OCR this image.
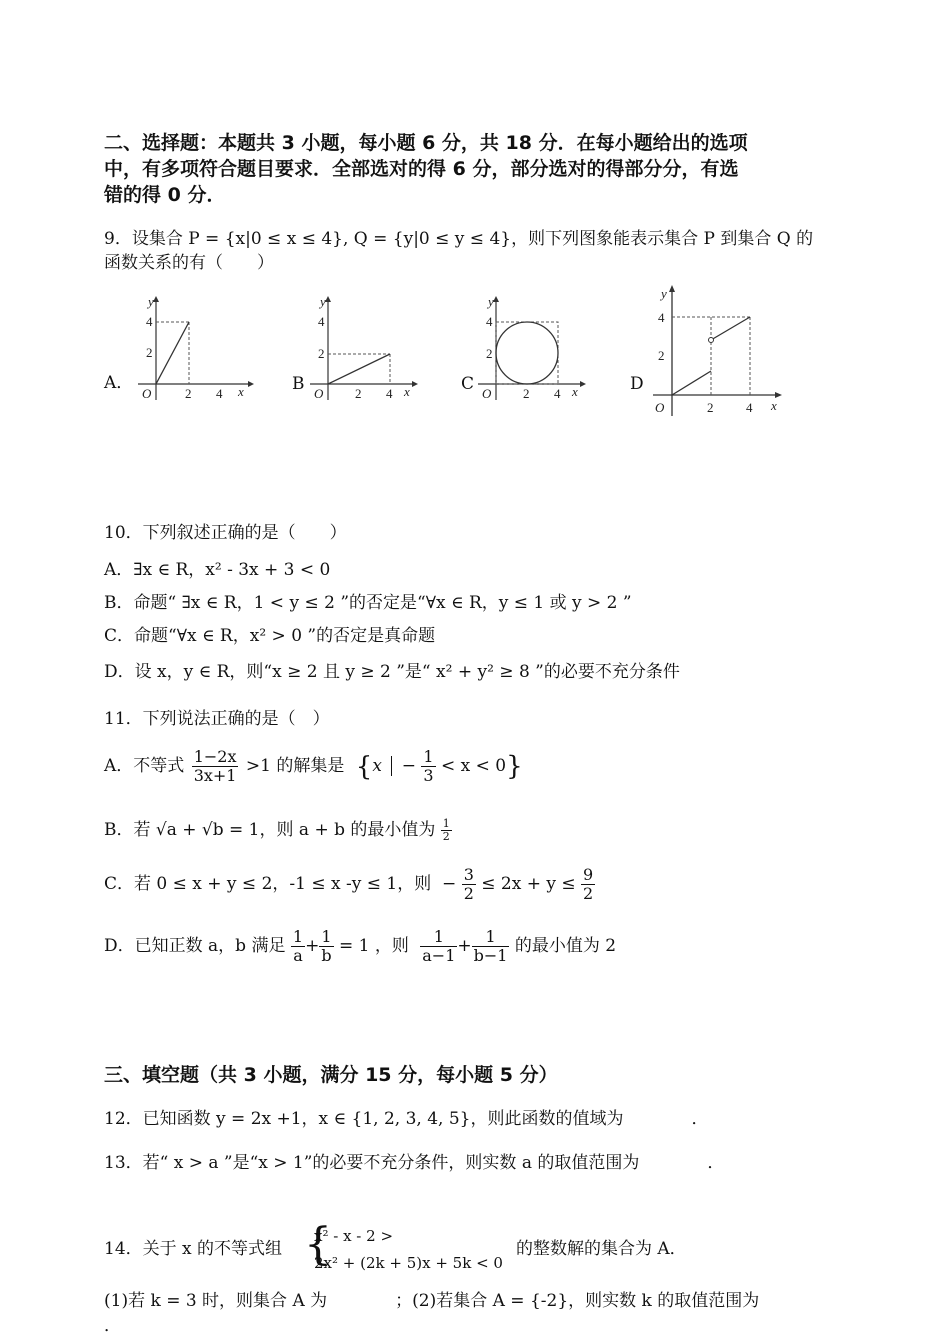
二、选择题：本题共 3 小题，每小题 6 分，共 18 分．在每小题给出的选项
中，有多项符合题目要求．全部选对的得 6 分，部分选对的得部分分，有选
错的得 0 分．
9．设集合 P = {x|0 ≤ x ≤ 4}, Q = {y|0 ≤ y ≤ 4}，则下列图象能表示集合 P 到集合 Q 的
函数关系的有（　　）
A．
y
x
O
4
2
2 4	B
y
x
O
4
2
2 4	C
y
x
O
4
2
2 4	D
y
x
O
4
2
2	4
10．下列叙述正确的是（　　）
A．∃x ∈ R，x² - 3x + 3 < 0
B．命题“ ∃x ∈ R，1 < y ≤ 2 ”的否定是“∀x ∈ R，y ≤ 1 或 y > 2 ”
C．命题“∀x ∈ R，x² > 0 ”的否定是真命题
D．设 x，y ∈ R，则“x ≥ 2 且 y ≥ 2 ”是“ x² + y² ≥ 8 ”的必要不充分条件
11．下列说法正确的是（　）
A．不等式 $\frac{1-2x}{3x+1} >1$ 的解集是 $\{x - \frac{1}{3} < x < 0\}$
B．若 √a + √b = 1，则 a + b 的最小值为 $\frac{1}{2}$
C．若 0 ≤ x + y ≤ 2，-1 ≤ x -y ≤ 1，则  − $\frac{3}{2} \le 2x + y \le \frac{9}{2}$
D．已知正数 a，b 满足 $\frac{1}{a} + \frac{1}{b} = 1$ ，则 $\frac{1}{a-1} + \frac{1}{b-1}$ 的最小值为 2
三、填空题（共 3 小题，满分 15 分，每小题 5 分）
12．已知函数 y = 2x +1，x ∈ {1, 2, 3, 4, 5}，则此函数的值域为　　　　．
13．若“ x > a ”是“x > 1”的必要不充分条件，则实数 a 的取值范围为　　　　．
14．关于 x 的不等式组 {
x² - x - 2 >
2x² + (2k + 5)x + 5k < 0
的整数解的集合为 A．
(1)若 k = 3 时，则集合 A 为　　　　；(2)若集合 A = {-2}，则实数 k 的取值范围为
．
